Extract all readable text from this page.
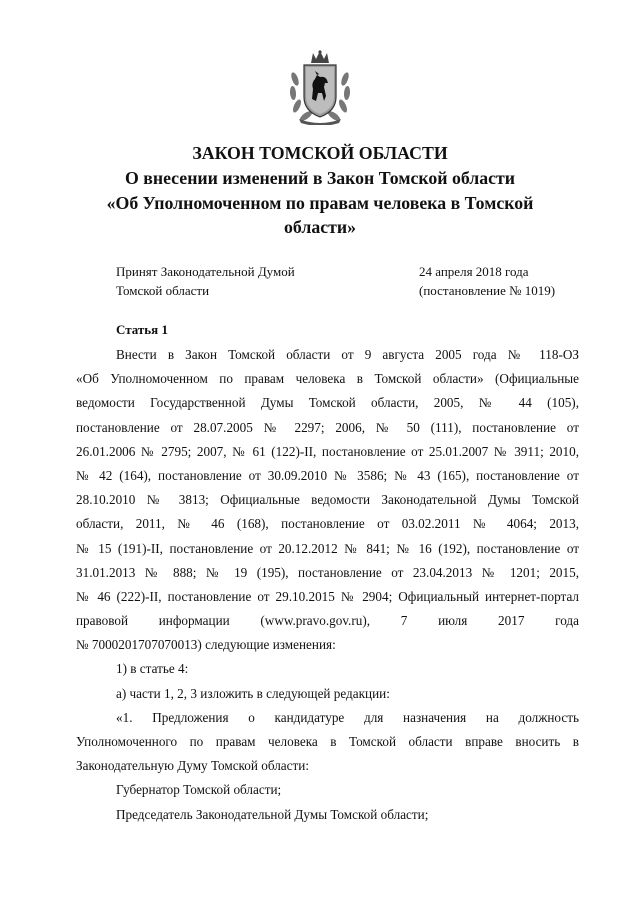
ЗАКОН ТОМСКОЙ ОБЛАСТИ
О внесении изменений в Закон Томской области
«Об Уполномоченном по правам человека в Томской
области»
Принят Законодательной Думой
Томской области
24 апреля 2018 года
(постановление № 1019)
Статья 1
Внести в Закон Томской области от 9 августа 2005 года № 118-ОЗ
«Об Уполномоченном по правам человека в Томской области» (Официальные
ведомости Государственной Думы Томской области, 2005, № 44 (105),
постановление от 28.07.2005 № 2297; 2006, № 50 (111), постановление от
26.01.2006 № 2795; 2007, № 61 (122)-II, постановление от 25.01.2007 № 3911; 2010,
№ 42 (164), постановление от 30.09.2010 № 3586; № 43 (165), постановление от
28.10.2010 № 3813; Официальные ведомости Законодательной Думы Томской
области, 2011, № 46 (168), постановление от 03.02.2011 № 4064; 2013,
№ 15 (191)-II, постановление от 20.12.2012 № 841; № 16 (192), постановление от
31.01.2013 № 888; № 19 (195), постановление от 23.04.2013 № 1201; 2015,
№ 46 (222)-II, постановление от 29.10.2015 № 2904; Официальный интернет-портал
правовой информации (www.pravo.gov.ru), 7 июля 2017 года
№ 7000201707070013) следующие изменения:
1) в статье 4:
а) части 1, 2, 3 изложить в следующей редакции:
«1. Предложения о кандидатуре для назначения на должность
Уполномоченного по правам человека в Томской области вправе вносить в
Законодательную Думу Томской области:
Губернатор Томской области;
Председатель Законодательной Думы Томской области;
